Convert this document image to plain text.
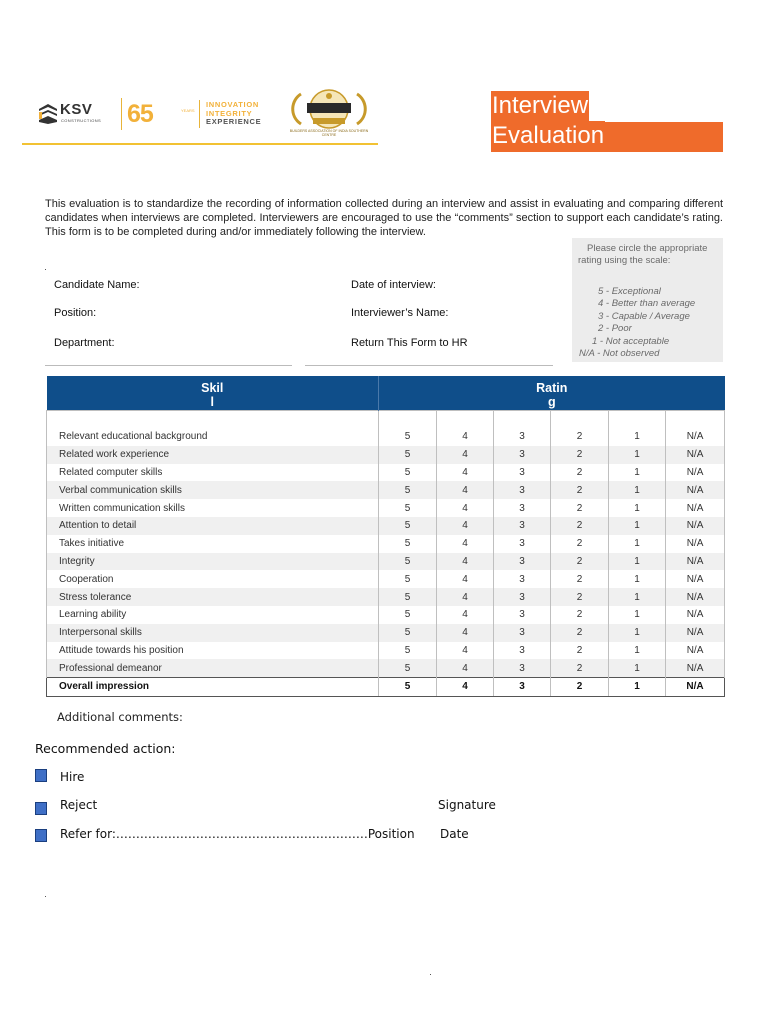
KSV
CONSTRUCTIONS 65	YEARS
INNOVATION
INTEGRITY
EXPERIENCE
BUILDERS ASSOCIATION OF INDIA SOUTHERN CENTRE
Interview
Evaluation

This evaluation is to standardize the recording of information collected during an interview and assist in evaluating and comparing different candidates when interviews are completed. Interviewers are encouraged to use the “comments” section to support each candidate’s rating. This form is to be completed during and/or immediately following the interview.

Candidate Name:
Position:
Department:
Date of interview:
Interviewer’s Name:
Return This Form to HR
Please circle the appropriate rating using the scale:
5 - Exceptional
4 - Better than average
3 - Capable / Average
2 - Poor
1 - Not acceptable
N/A - Not observed
Skil
l	Ratin
g					

Relevant educational background	5	4	3	2	1	N/A
Related work experience	5	4	3	2	1	N/A
Related computer skills	5	4	3	2	1	N/A
Verbal communication skills	5	4	3	2	1	N/A
Written communication skills	5	4	3	2	1	N/A
Attention to detail	5	4	3	2	1	N/A
Takes initiative	5	4	3	2	1	N/A
Integrity	5	4	3	2	1	N/A
Cooperation	5	4	3	2	1	N/A
Stress tolerance	5	4	3	2	1	N/A
Learning ability	5	4	3	2	1	N/A
Interpersonal skills	5	4	3	2	1	N/A
Attitude towards his position	5	4	3	2	1	N/A
Professional demeanor	5	4	3	2	1	N/A
Overall impression	5	4	3	2	1	N/A
Additional comments:
Recommended action:
Hire
Reject	Signature
Refer for:………………………………………………………Position Date
